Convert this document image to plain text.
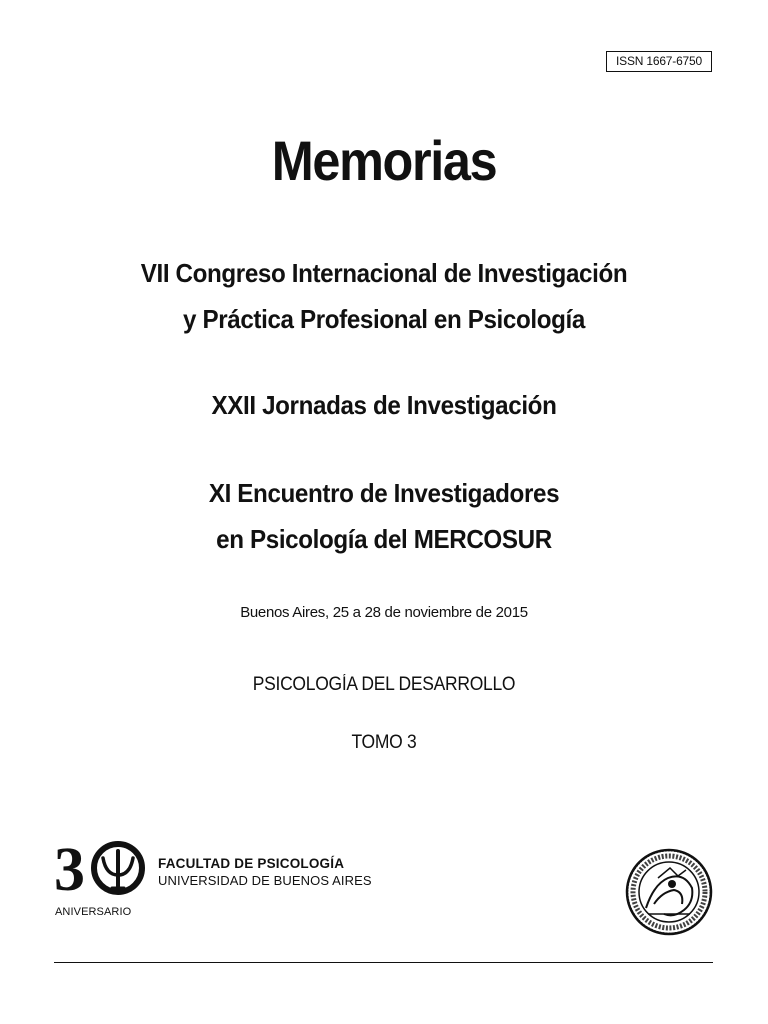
ISSN 1667-6750
Memorias
VII Congreso Internacional de Investigación
y Práctica Profesional en Psicología
XXII Jornadas de Investigación
XI Encuentro de Investigadores
en Psicología del MERCOSUR
Buenos Aires, 25 a 28 de noviembre de 2015
PSICOLOGÍA DEL DESARROLLO
TOMO 3
3
ANIVERSARIO
FACULTAD DE PSICOLOGÍA
UNIVERSIDAD DE BUENOS AIRES
